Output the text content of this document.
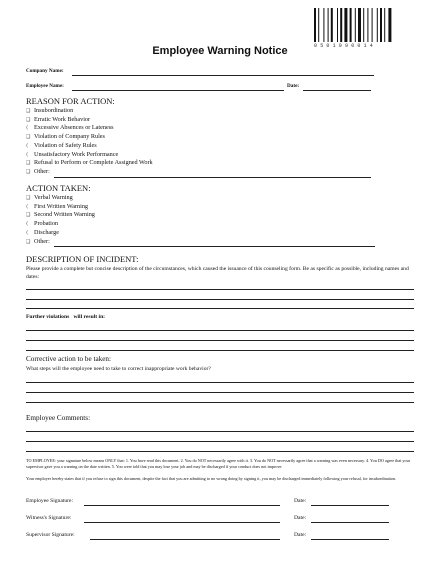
Employee Warning Notice	0501090014
Company Name:
Employee Name:	Date:
REASON FOR ACTION:
❑ Insubordination
❑ Erratic Work Behavior
⟨ Excessive Absences or Lateness
❑ Violation of Company Rules
⟨ Violation of Safety Rules
⟨ Unsatisfactory Work Performance
❑ Refusal to Perform or Complete Assigned Work
❑ Other:
ACTION TAKEN:
❑ Verbal Warning
⟨ First Written Warning
❑ Second Written Warning
⟨ Probation
⟨ Discharge
❑ Other:
DESCRIPTION OF INCIDENT:
Please provide a complete but concise description of the circumstances, which caused the issuance of this counseling form. Be as specific as possible, including names and dates:
Further violations   will result in:
Corrective action to be taken:
What steps will the employee need to take to correct inappropriate work behavior?
Employee Comments:
TO EMPLOYEE: your signature below means ONLY that: 1. You have read this document. 2. You do NOT necessarily agree with it. 3. You do NOT necessarily agree that a warning was even necessary. 4. You DO agree that your supervisor gave you a warning on the date written. 5. You were told that you may lose your job and may be discharged if your conduct does not improve.
Your employer hereby states that if you refuse to sign this document, despite the fact that you are admitting to no wrong doing by signing it, you may be discharged immediately following your refusal, for insubordination.
Employee Signature:	Date:
Witness's Signature:	Date:
Supervisor Signature:	Date:
